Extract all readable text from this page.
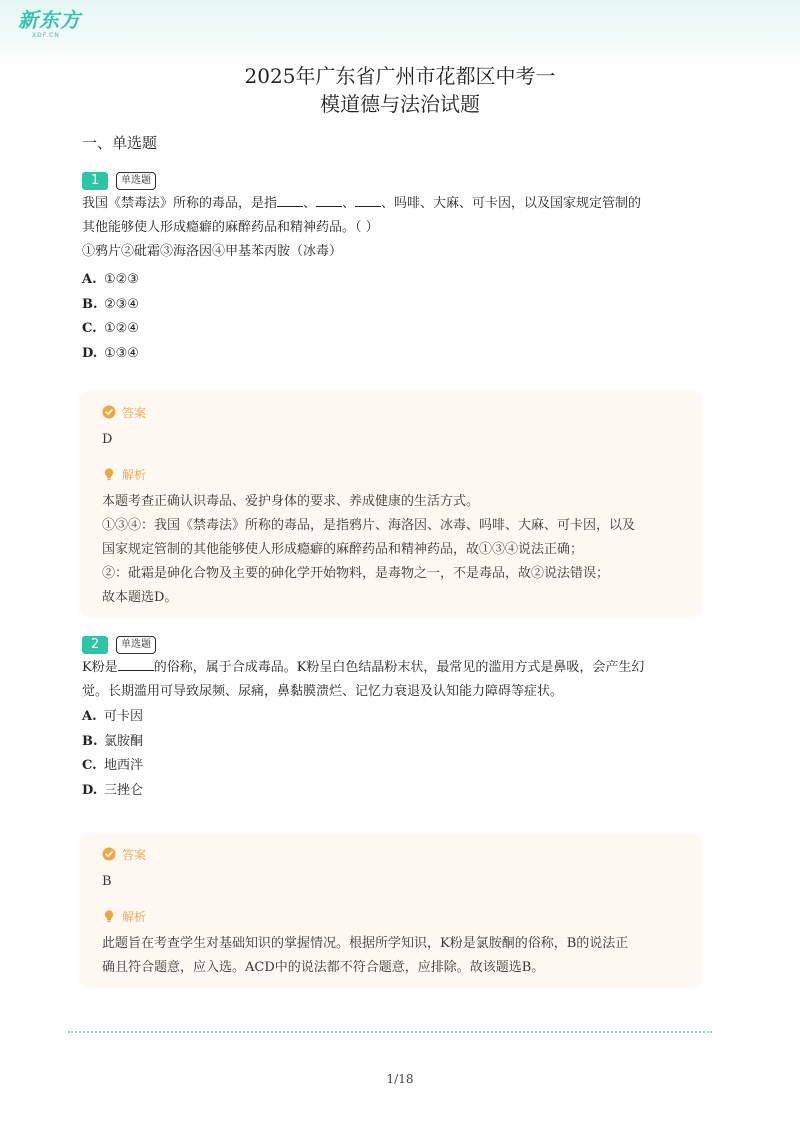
新东方
XDF.CN
2025年广东省广州市花都区中考一
模道德与法治试题
一、单选题
1	单选题

我国《禁毒法》所称的毒品，是指 、 、 、吗啡、大麻、可卡因，以及国家规定管制的

其他能够使人形成瘾癖的麻醉药品和精神药品。（ ）

①鸦片②砒霜③海洛因④甲基苯丙胺（冰毒）

A. ①②③

B. ②③④

C. ①②④

D. ①③④

答案

D

解析

本题考查正确认识毒品、爱护身体的要求、养成健康的生活方式。

①③④：我国《禁毒法》所称的毒品，是指鸦片、海洛因、冰毒、吗啡、大麻、可卡因，以及

国家规定管制的其他能够使人形成瘾癖的麻醉药品和精神药品，故①③④说法正确；

②：砒霜是砷化合物及主要的砷化学开始物料，是毒物之一，不是毒品，故②说法错误；

故本题选D。

2	单选题

K粉是	的俗称，属于合成毒品。K粉呈白色结晶粉末状，最常见的滥用方式是鼻吸，会产生幻

觉。长期滥用可导致尿频、尿痛，鼻黏膜溃烂、记忆力衰退及认知能力障碍等症状。

A. 可卡因

B. 氯胺酮

C. 地西泮

D. 三挫仑

答案

B

解析

此题旨在考查学生对基础知识的掌握情况。根据所学知识，K粉是氯胺酮的俗称，B的说法正

确且符合题意，应入选。ACD中的说法都不符合题意，应排除。故该题选B。

1/18
